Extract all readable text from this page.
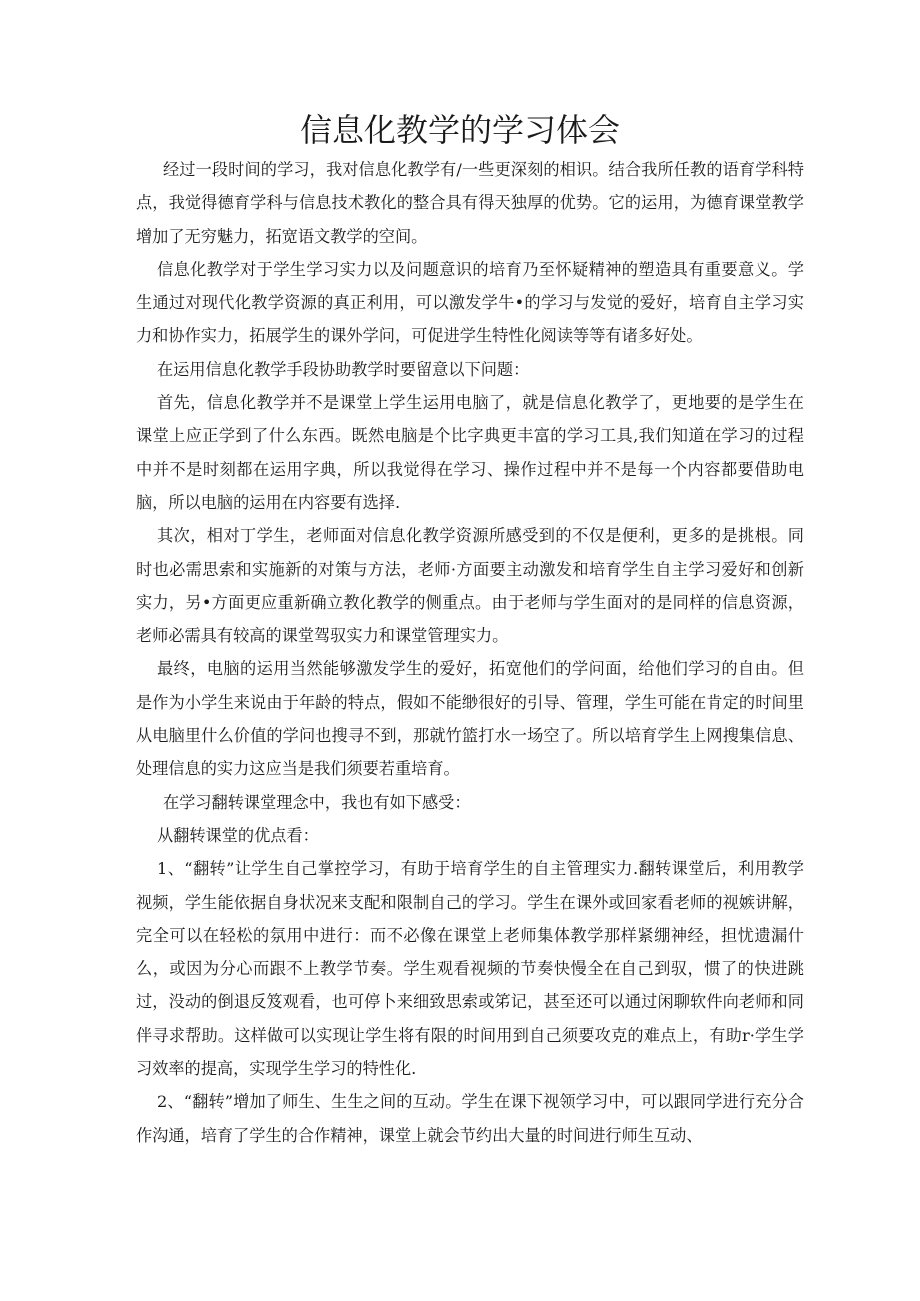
信息化教学的学习体会

经过一段时间的学习，我对信息化教学有/一些更深刻的相识。结合我所任教的语育学科特点，我觉得德育学科与信息技术教化的整合具有得天独厚的优势。它的运用，为德育课堂教学增加了无穷魅力，拓宽语文教学的空间。

信息化教学对于学生学习实力以及问题意识的培育乃至怀疑精神的塑造具有重要意义。学生通过对现代化教学资源的真正利用，可以激发学牛•的学习与发觉的爱好，培育自主学习实力和协作实力，拓展学生的课外学问，可促进学生特性化阅读等等有诸多好处。

在运用信息化教学手段协助教学时要留意以下问题：

首先，信息化教学并不是课堂上学生运用电脑了，就是信息化教学了，更地要的是学生在课堂上应正学到了什么东西。既然电脑是个比字典更丰富的学习工具,我们知道在学习的过程中并不是时刻都在运用字典，所以我觉得在学习、操作过程中并不是每一个内容都要借助电脑，所以电脑的运用在内容要有选择.

其次，相对丁学生，老师面对信息化教学资源所感受到的不仅是便利，更多的是挑根。同时也必需思索和实施新的对策与方法，老师·方面要主动激发和培育学生自主学习爱好和创新实力，另•方面更应重新确立教化教学的侧重点。由于老师与学生面对的是同样的信息资源，老师必需具有较高的课堂驾驭实力和课堂管理实力。

最终，电脑的运用当然能够激发学生的爱好，拓宽他们的学问面，给他们学习的自由。但是作为小学生来说由于年龄的特点，假如不能缈很好的引导、管理，学生可能在肯定的时间里从电脑里什么价值的学问也搜寻不到，那就竹篮打水一场空了。所以培育学生上网搜集信息、处理信息的实力这应当是我们须要若重培育。

在学习翻转课堂理念中，我也有如下感受：

从翻转课堂的优点看：

1、“翻转”让学生自己掌控学习，有助于培育学生的自主管理实力.翻转课堂后，利用教学视频，学生能依据自身状况来支配和限制自己的学习。学生在课外或回家看老师的视嫉讲解，完全可以在轻松的氛用中进行：而不必像在课堂上老师集体教学那样紧绷神经，担忧遗漏什么，或因为分心而跟不上教学节奏。学生观看视频的节奏快慢全在自己到驭，惯了的快进跳过，没动的倒退反笈观看，也可停卜来细致思索或笫记，甚至还可以通过闲聊软件向老师和同伴寻求帮助。这样做可以实现让学生将有限的时间用到自己须要攻克的难点上，有助r·学生学习效率的提高，实现学生学习的特性化.

2、“翻转”增加了师生、生生之间的互动。学生在课下视领学习中，可以跟同学进行充分合作沟通，培育了学生的合作精神，课堂上就会节约出大量的时间进行师生互动、
